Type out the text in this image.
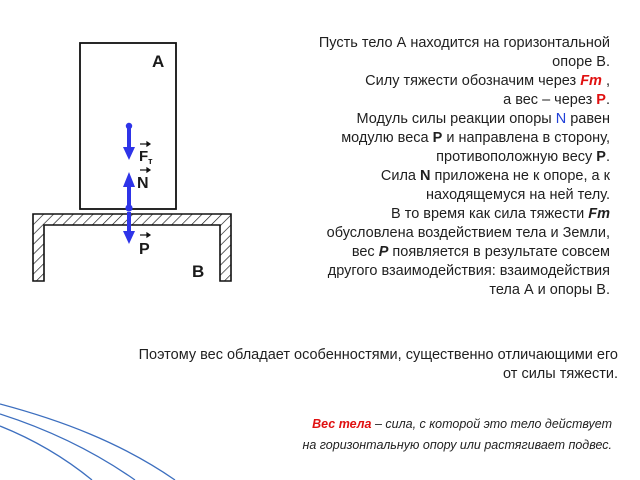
A
$F_т$
N
P
B

Пусть тело А находится на горизонтальной
опоре В.
Силу тяжести обозначим через Fт ,
а вес – через Р.
Модуль силы реакции опоры N равен
модулю веса Р и направлена в сторону,
противоположную весу Р.
Сила N приложена не к опоре, а к
находящемуся на ней телу.
В то время как сила тяжести Fт
обусловлена воздействием тела и Земли,
вес Р появляется в результате совсем
другого взаимодействия: взаимодействия
тела А и опоры В.

Поэтому вес обладает особенностями, существенно отличающими его
от силы тяжести.

Вес тела – сила, с которой это тело действует
на горизонтальную опору или растягивает подвес.
